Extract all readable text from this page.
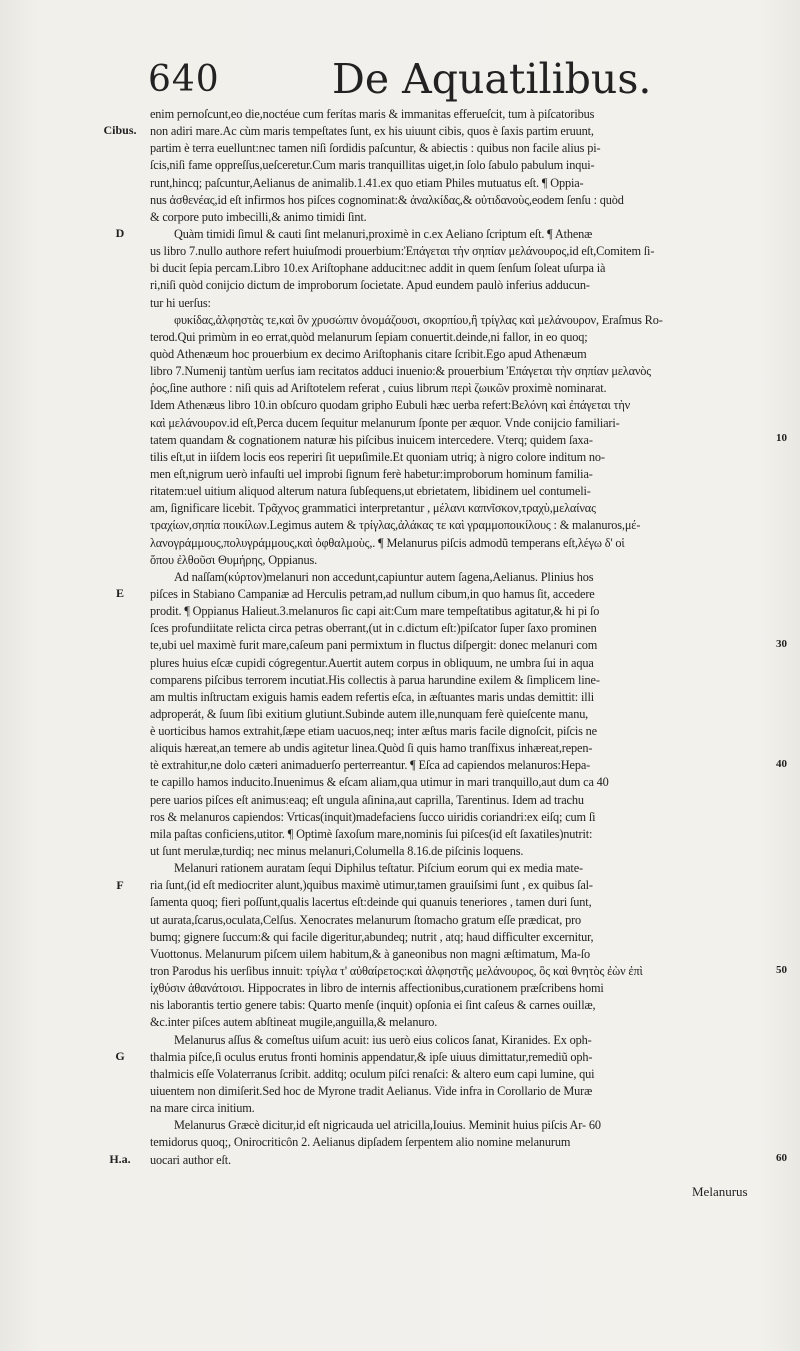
640	De Aquatilibus.
enim pernoſcunt,eo die,noctéue cum ferítas maris & immanitas efferueſcit, tum à piſcatoribus
non adiri mare.Ac cùm maris tempeſtates ſunt, ex his uiuunt cibis, quos è ſaxis partim eruunt,
partim è terra euellunt:nec tamen niſi ſordidis paſcuntur, & abiectis : quibus non facile alius pi-
ſcis,niſi fame oppreſſus,ueſceretur.Cum maris tranquillitas uiget,in ſolo ſabulo pabulum inqui-
runt,hincq; paſcuntur,Aelianus de animalib.1.41.ex quo etiam Philes mutuatus eſt. ¶ Oppia-
nus ἀσθενέας,id eſt infirmos hos piſces cognominat:& ἀναλκίδας,& οὐτιδανοὺς,eodem ſenſu : quòd
& corpore puto imbecilli,& animo timidi ſint.
Quàm timidi ſimul & cauti ſint melanuri,proximè in c.ex Aeliano ſcriptum eſt. ¶ Athenæ
us libro 7.nullo authore refert huiuſmodi prouerbium:Ἐπάγεται τὴν σηπίαν μελάνουρος,id eſt,Comitem ſi-
bi ducit ſepia percam.Libro 10.ex Ariſtophane adducit:nec addit in quem ſenſum ſoleat uſurpa ià
ri,niſi quòd conijcio dictum de improborum ſocietate. Apud eundem paulò inferius adducun-
tur hi uerſus:
φυκίδας,ἀλφηστὰς τε,καὶ ὃν χρυσώπιν ὀνομάζουσι, σκορπίου,ἢ τρίγλας καὶ μελάνουρον, Eraſmus Ro-
terod.Qui primùm in eo errat,quòd melanurum ſepiam conuertit.deinde,ni fallor, in eo quoq;
quòd Athenæum hoc prouerbium ex decimo Ariſtophanis citare ſcribit.Ego apud Athenæum
libro 7.Numenij tantùm uerſus iam recitatos adduci inuenio:& prouerbium Ἐπάγεται τὴν σηπίαν μελανὸς
ῥος,ſine authore : niſi quis ad Ariſtotelem referat , cuius librum περὶ ζωικῶν proximè nominarat.
Idem Athenæus libro 10.in obſcuro quodam gripho Eubuli hæc uerba refert:Βελόνη καὶ ἐπάγεται τὴν
καὶ μελάνουρον.id eſt,Perca ducem ſequitur melanurum ſponte per æquor. Vnde conijcio familiari-
tatem quandam & cognationem naturæ his piſcibus inuicem intercedere. Vterq; quidem ſaxa-
tilis eſt,ut in iiſdem locis eos reperiri ſit uериſimile.Et quoniam utriq; à nigro colore inditum no-
men eſt,nigrum uerò infauſti uel improbi ſignum ferè habetur:improborum hominum familia-
ritatem:uel uitium aliquod alterum natura ſubſequens,ut ebrietatem, libidinem uel contumeli-
am, ſignificare licebit. Τρᾶχνος grammatici interpretantur , μέλανι καπνῖσκον,τραχὺ,μελαίνας
τραχίων,σηπία ποικίλων.Legimus autem & τρίγλας,ἀλάκας τε καὶ γραμμοποικίλους : & malanuros,μέ-
λανογράμμους,πολυγράμμους,καὶ ὀφθαλμοὺς,. ¶ Melanurus piſcis admodũ temperans eſt,λέγω δ' οἱ
ὅπου ἐλθοῦσι Θυμήρης, Oppianus.
Ad naſſam(κύρτον)melanuri non accedunt,capiuntur autem ſagena,Aelianus. Plinius hos
piſces in Stabiano Campaniæ ad Herculis petram,ad nullum cibum,in quo hamus ſit, accedere
prodit. ¶ Oppianus Halieut.3.melanuros ſic capi ait:Cum mare tempeſtatibus agitatur,& hi pi ſo
ſces profundiitate relicta circa petras oberrant,(ut in c.dictum eſt:)piſcator ſuper ſaxo prominen
te,ubi uel maximè furit mare,caſeum pani permixtum in fluctus diſpergit: donec melanuri com
plures huius eſcæ cupidi cógregentur.Auertit autem corpus in obliquum, ne umbra ſui in aqua
comparens piſcibus terrorem incutiat.His collectis à parua harundine exilem & ſimplicem line-
am multis inſtructam exiguis hamis eadem refertis eſca, in æſtuantes maris undas demittit: illi
adproperát, & ſuum ſibi exitium glutiunt.Subinde autem ille,nunquam ferè quieſcente manu,
è uorticibus hamos extrahit,ſæpe etiam uacuos,neq; inter æſtus maris facile dignoſcit, piſcis ne
aliquis hæreat,an temere ab undis agitetur linea.Quòd ſi quis hamo tranſfixus inhæreat,repen-
tè extrahitur,ne dolo cæteri animaduerſo perterreantur. ¶ Eſca ad capiendos melanuros:Hepa-
te capillo hamos inducito.Inuenimus & eſcam aliam,qua utimur in mari tranquillo,aut dum ca 40
pere uarios piſces eſt animus:eaq; eſt ungula aſinina,aut caprilla, Tarentinus. Idem ad trachu
ros & melanuros capiendos: Vrticas(inquit)madefaciens ſucco uiridis coriandri:ex eiſq; cum ſi
mila paſtas conficiens,utitor. ¶ Optimè ſaxoſum mare,nominis ſui piſces(id eſt ſaxatiles)nutrit:
ut ſunt merulæ,turdiq; nec minus melanuri,Columella 8.16.de piſcinis loquens.
Melanuri rationem auratam ſequi Diphilus teſtatur. Piſcium eorum qui ex media mate-
ria ſunt,(id eſt mediocriter alunt,)quibus maximè utimur,tamen grauiſsimi ſunt , ex quibus ſal-
ſamenta quoq; fieri poſſunt,qualis lacertus eſt:deinde qui quanuis teneriores , tamen duri ſunt,
ut aurata,ſcarus,oculata,Celſus. Xenocrates melanurum ſtomacho gratum eſſe prædicat, pro
bumq; gignere ſuccum:& qui facile digeritur,abundeq; nutrit , atq; haud difficulter excernitur,
Vuottonus. Melanurum piſcem uilem habitum,& à ganeonibus non magni æſtimatum, Ma-ſo
tron Parodus his uerſibus innuit: τρίγλα τ' αὐθαίρετος:καὶ ἀλφηστῆς μελάνουρος, ὃς καὶ θνητὸς ἐὼν ἐπὶ
ἰχθύσιν ἀθανάτοισι. Hippocrates in libro de internis affectionibus,curationem præſcribens homi
nis laborantis tertio genere tabis: Quarto menſe (inquit) opſonia ei ſint caſeus & carnes ouillæ,
&c.inter piſces autem abſtineat mugile,anguilla,& melanuro.
Melanurus aſſus & comeſtus uiſum acuit: ius uerò eius colicos ſanat, Kiranides. Ex oph-
thalmia piſce,ſi oculus erutus fronti hominis appendatur,& ipſe uiuus dimittatur,remediũ oph-
thalmicis eſſe Volaterranus ſcribit. additq; oculum piſci renaſci: & altero eum capi lumine, qui
uiuentem non dimiſerit.Sed hoc de Myrone tradit Aelianus. Vide infra in Corollario de Muræ
na mare circa initium.
Melanurus Græcè dicitur,id eſt nigricauda uel atricilla,Iouius. Meminit huius piſcis Ar- 60
temidorus quoq;, Onirocriticôn 2. Aelianus dipſadem ſerpentem alio nomine melanurum
uocari author eſt.
Cibus.
D
E
F
G
H.a.
10
30
40
50
60
Melanurus
